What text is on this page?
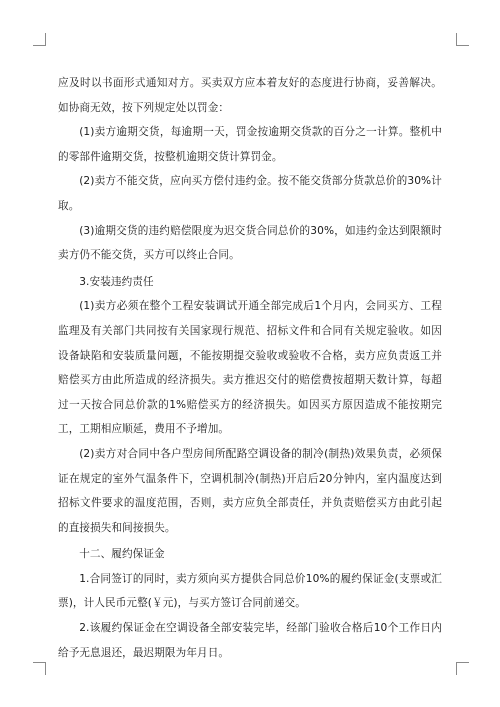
应及时以书面形式通知对方。买卖双方应本着友好的态度进行协商，妥善解决。如协商无效，按下列规定处以罚金：

(1)卖方逾期交货，每逾期一天，罚金按逾期交货款的百分之一计算。整机中的零部件逾期交货，按整机逾期交货计算罚金。

(2)卖方不能交货，应向买方偿付违约金。按不能交货部分货款总价的30%计取。

(3)逾期交货的违约赔偿限度为迟交货合同总价的30%，如违约金达到限额时卖方仍不能交货，买方可以终止合同。

3.安装违约责任

(1)卖方必须在整个工程安装调试开通全部完成后1个月内，会同买方、工程监理及有关部门共同按有关国家现行规范、招标文件和合同有关规定验收。如因设备缺陷和安装质量问题，不能按期提交验收或验收不合格，卖方应负责返工并赔偿买方由此所造成的经济损失。卖方推迟交付的赔偿费按超期天数计算，每超过一天按合同总价款的1%赔偿买方的经济损失。如因买方原因造成不能按期完工，工期相应顺延，费用不予增加。

(2)卖方对合同中各户型房间所配路空调设备的制冷(制热)效果负责，必须保证在规定的室外气温条件下，空调机制冷(制热)开启后20分钟内，室内温度达到招标文件要求的温度范围，否则，卖方应负全部责任，并负责赔偿买方由此引起的直接损失和间接损失。

十二、履约保证金

1.合同签订的同时，卖方须向买方提供合同总价10%的履约保证金(支票或汇票)，计人民币元整(￥元)，与买方签订合同前递交。

2.该履约保证金在空调设备全部安装完毕，经部门验收合格后10个工作日内给予无息退还，最迟期限为年月日。
